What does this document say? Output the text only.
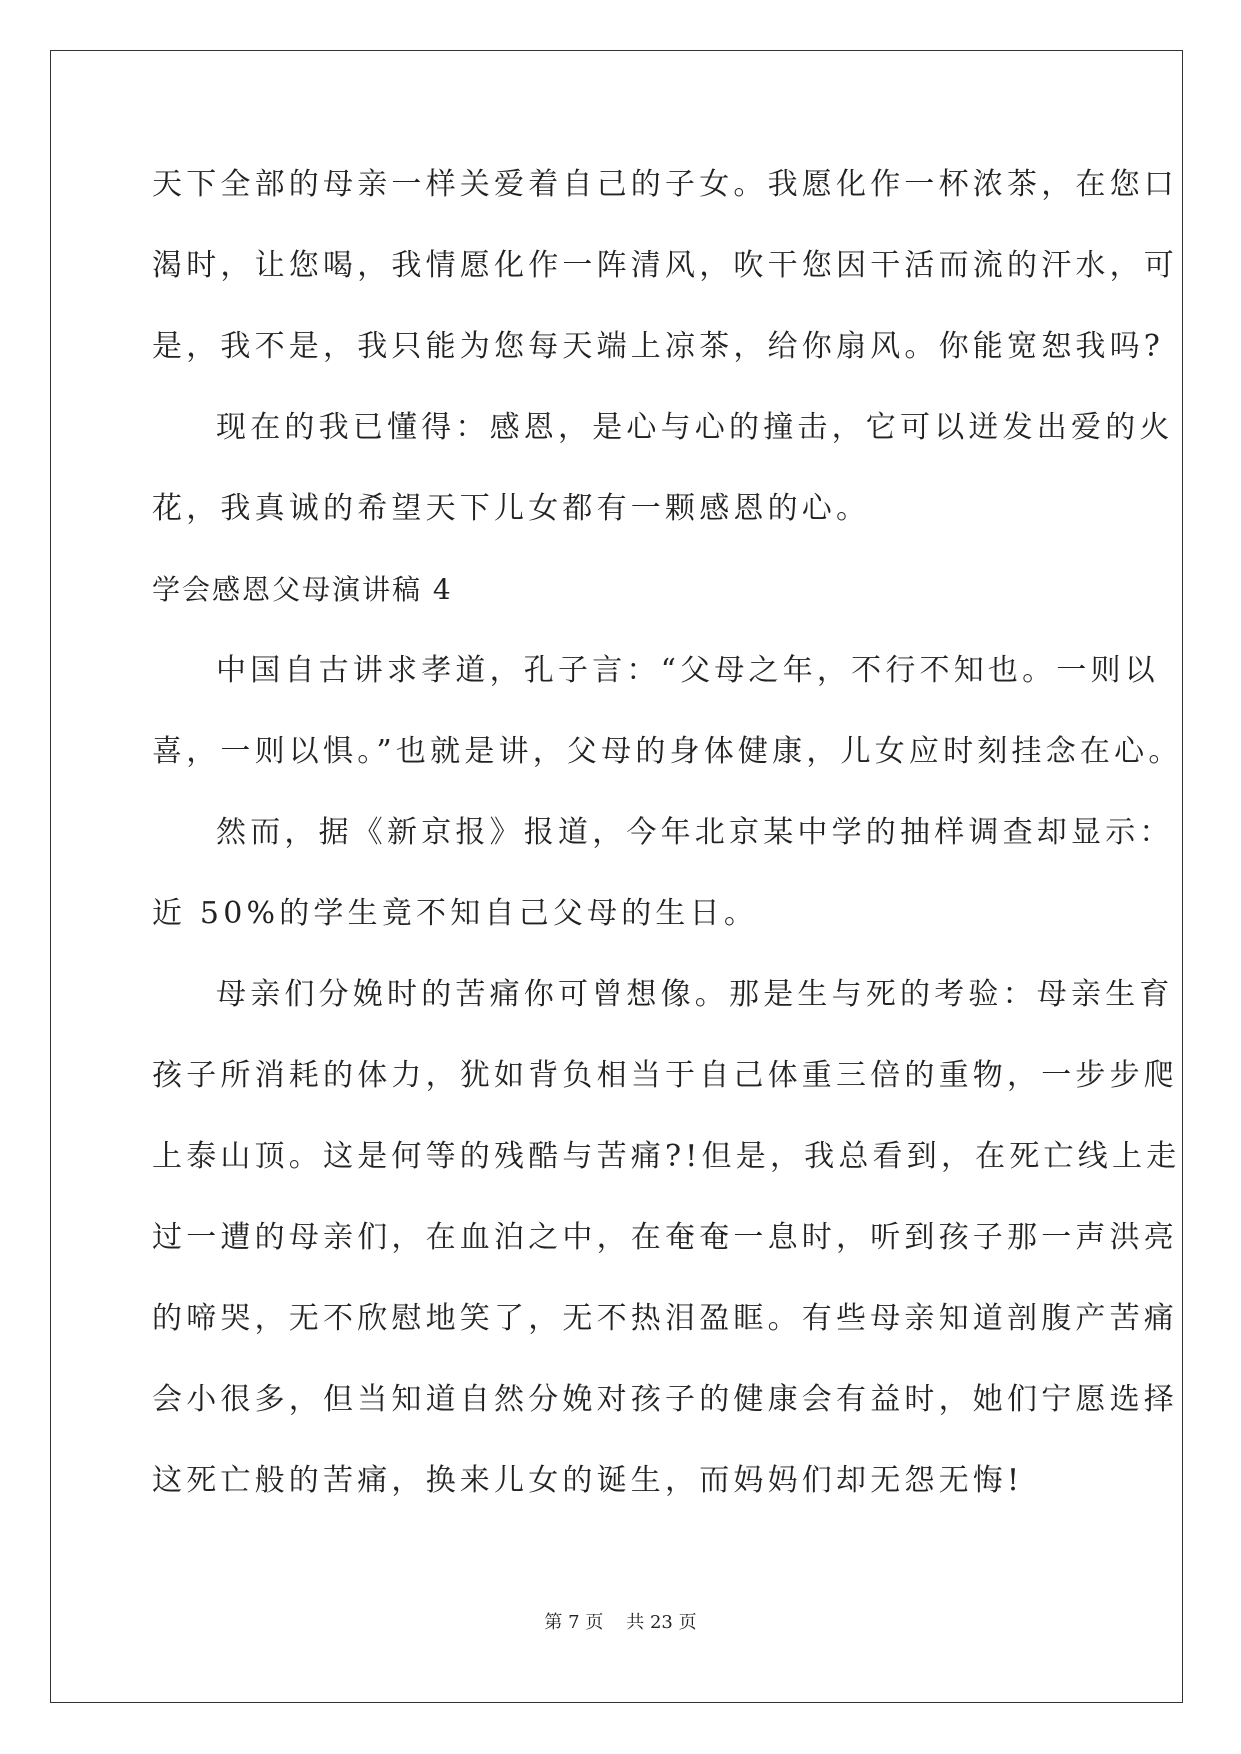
天下全部的母亲一样关爱着自己的子女。我愿化作一杯浓茶，在您口
渴时，让您喝，我情愿化作一阵清风，吹干您因干活而流的汗水，可
是，我不是，我只能为您每天端上凉茶，给你扇风。你能宽恕我吗?
现在的我已懂得：感恩，是心与心的撞击，它可以迸发出爱的火
花，我真诚的希望天下儿女都有一颗感恩的心。
学会感恩父母演讲稿 4
中国自古讲求孝道，孔子言：“父母之年，不行不知也。一则以
喜，一则以惧。”也就是讲，父母的身体健康，儿女应时刻挂念在心。
然而，据《新京报》报道，今年北京某中学的抽样调查却显示：
近 50%的学生竟不知自己父母的生日。
母亲们分娩时的苦痛你可曾想像。那是生与死的考验：母亲生育
孩子所消耗的体力，犹如背负相当于自己体重三倍的重物，一步步爬
上泰山顶。这是何等的残酷与苦痛?!但是，我总看到，在死亡线上走
过一遭的母亲们，在血泊之中，在奄奄一息时，听到孩子那一声洪亮
的啼哭，无不欣慰地笑了，无不热泪盈眶。有些母亲知道剖腹产苦痛
会小很多，但当知道自然分娩对孩子的健康会有益时，她们宁愿选择
这死亡般的苦痛，换来儿女的诞生，而妈妈们却无怨无悔!
第 7 页 共 23 页
